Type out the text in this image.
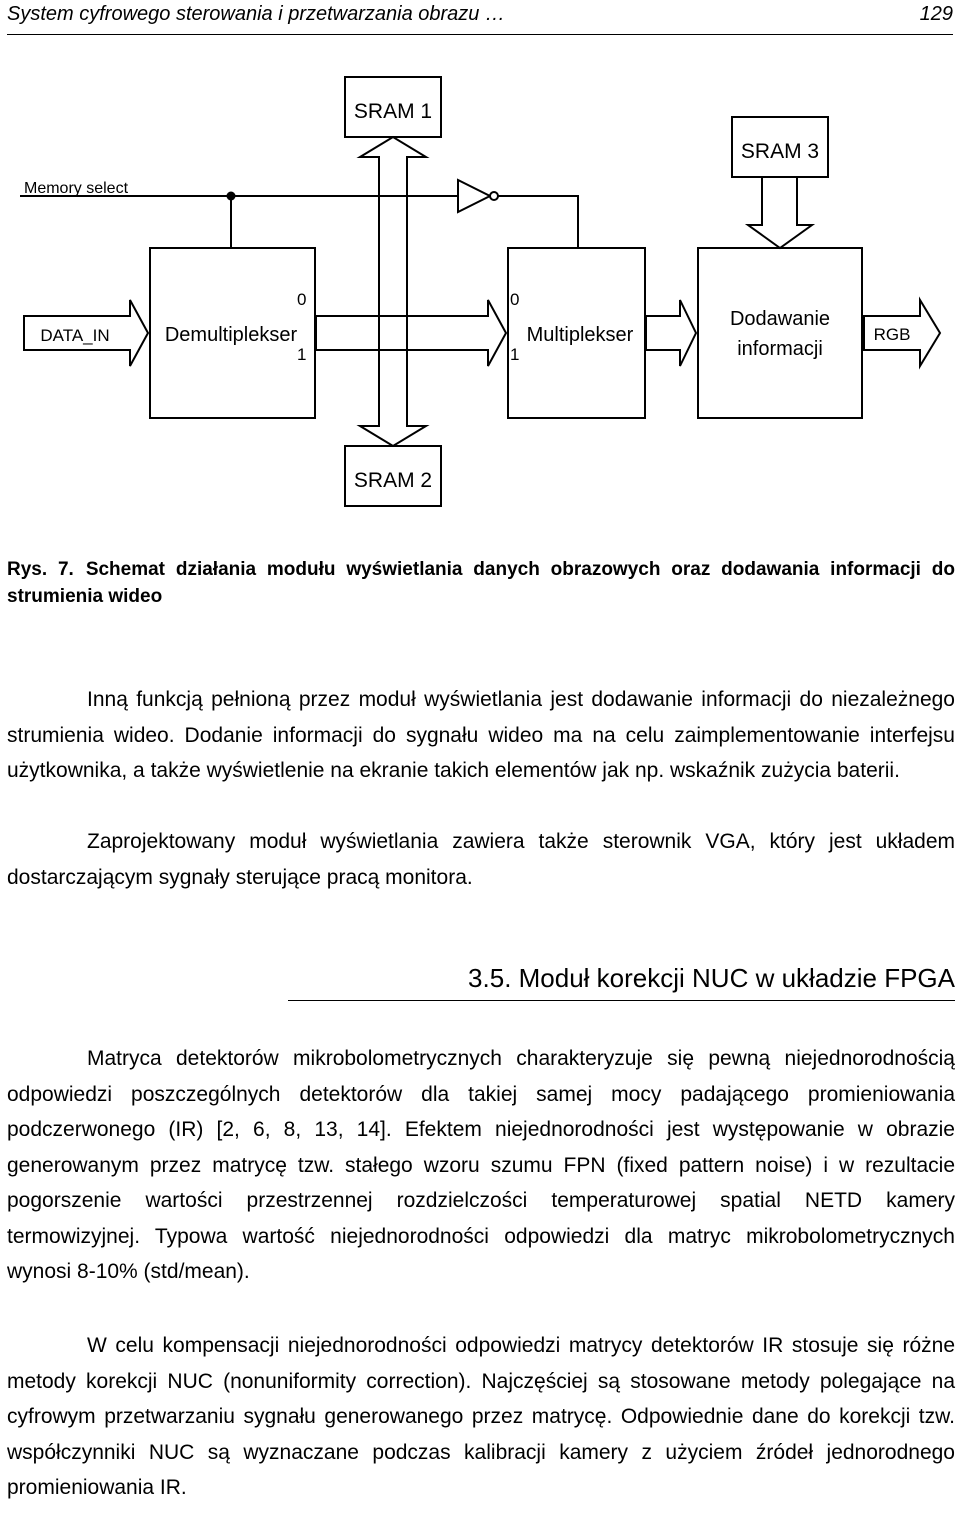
System cyfrowego sterowania i przetwarzania obrazu …	129
SRAM 1
SRAM 3
SRAM 2
Memory select
DATA_IN	Demultiplekser
0
1
0
1
Multiplekser
Dodawanie
informacji
RGB
Rys. 7. Schemat działania modułu wyświetlania danych obrazowych oraz dodawania informacji do strumienia wideo

Inną funkcją pełnioną przez moduł wyświetlania jest dodawanie informacji do niezależnego strumienia wideo. Dodanie informacji do sygnału wideo ma na celu zaimplementowanie interfejsu użytkownika, a także wyświetlenie na ekranie takich elementów jak np. wskaźnik zużycia baterii.

Zaprojektowany moduł wyświetlania zawiera także sterownik VGA, który jest układem dostarczającym sygnały sterujące pracą monitora.

3.5. Moduł korekcji NUC w układzie FPGA

Matryca detektorów mikrobolometrycznych charakteryzuje się pewną niejednorodnością odpowiedzi poszczególnych detektorów dla takiej samej mocy padającego promieniowania podczerwonego (IR) [2, 6, 8, 13, 14]. Efektem niejednorodności jest występowanie w obrazie generowanym przez matrycę tzw. stałego wzoru szumu FPN (fixed pattern noise) i w rezultacie pogorszenie wartości przestrzennej rozdzielczości temperaturowej spatial NETD kamery termowizyjnej. Typowa wartość niejednorodności odpowiedzi dla matryc mikrobolometrycznych wynosi 8-10% (std/mean).

W celu kompensacji niejednorodności odpowiedzi matrycy detektorów IR stosuje się różne metody korekcji NUC (nonuniformity correction). Najczęściej są stosowane metody polegające na cyfrowym przetwarzaniu sygnału generowanego przez matrycę. Odpowiednie dane do korekcji tzw. współczynniki NUC są wyznaczane podczas kalibracji kamery z użyciem źródeł jednorodnego promieniowania IR.
